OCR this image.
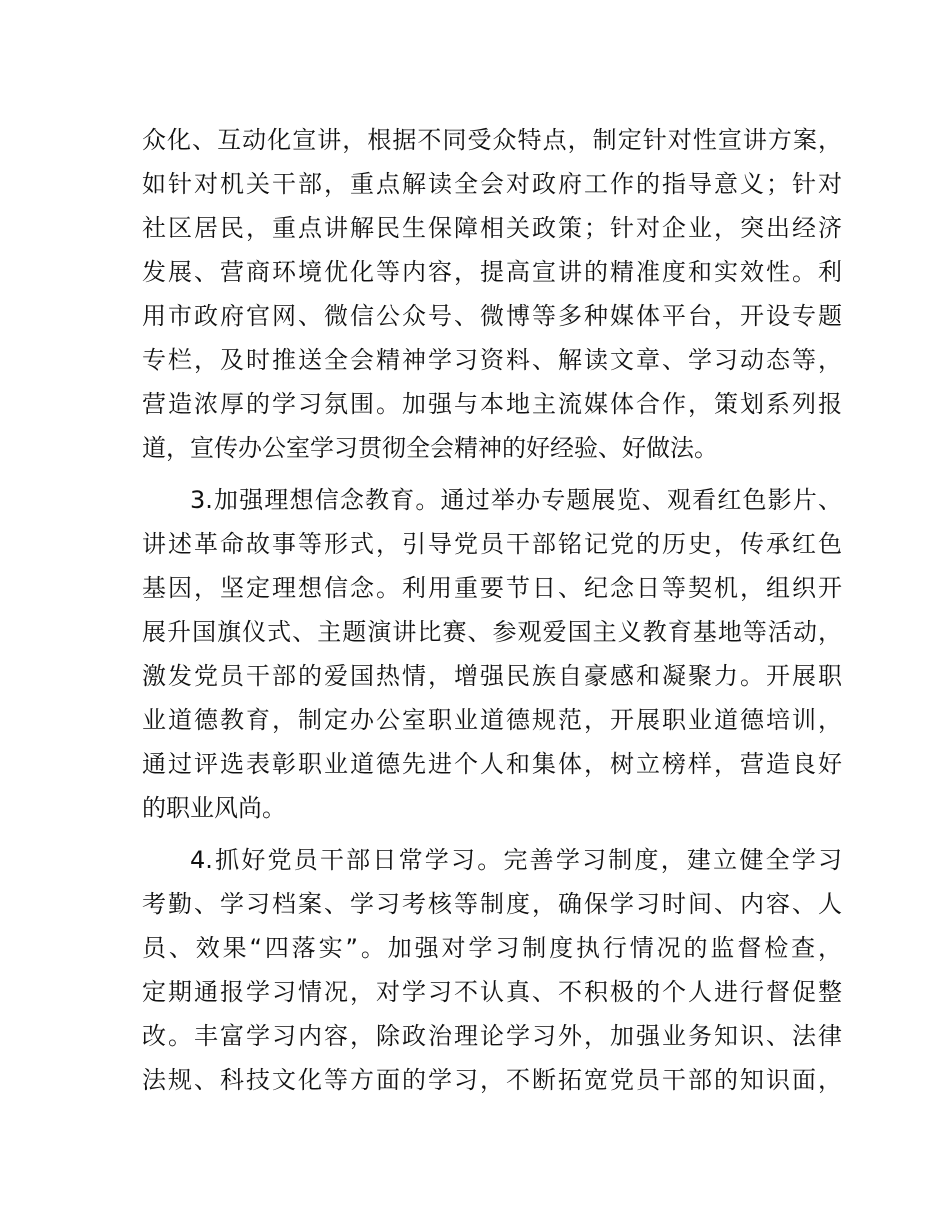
众化、互动化宣讲，根据不同受众特点，制定针对性宣讲方案，
如针对机关干部，重点解读全会对政府工作的指导意义；针对
社区居民，重点讲解民生保障相关政策；针对企业，突出经济
发展、营商环境优化等内容，提高宣讲的精准度和实效性。利
用市政府官网、微信公众号、微博等多种媒体平台，开设专题
专栏，及时推送全会精神学习资料、解读文章、学习动态等，
营造浓厚的学习氛围。加强与本地主流媒体合作，策划系列报
道，宣传办公室学习贯彻全会精神的好经验、好做法。
3.加强理想信念教育。通过举办专题展览、观看红色影片、
讲述革命故事等形式，引导党员干部铭记党的历史，传承红色
基因，坚定理想信念。利用重要节日、纪念日等契机，组织开
展升国旗仪式、主题演讲比赛、参观爱国主义教育基地等活动，
激发党员干部的爱国热情，增强民族自豪感和凝聚力。开展职
业道德教育，制定办公室职业道德规范，开展职业道德培训，
通过评选表彰职业道德先进个人和集体，树立榜样，营造良好
的职业风尚。
4.抓好党员干部日常学习。完善学习制度，建立健全学习
考勤、学习档案、学习考核等制度，确保学习时间、内容、人
员、效果“四落实”。加强对学习制度执行情况的监督检查，
定期通报学习情况，对学习不认真、不积极的个人进行督促整
改。丰富学习内容，除政治理论学习外，加强业务知识、法律
法规、科技文化等方面的学习，不断拓宽党员干部的知识面，
